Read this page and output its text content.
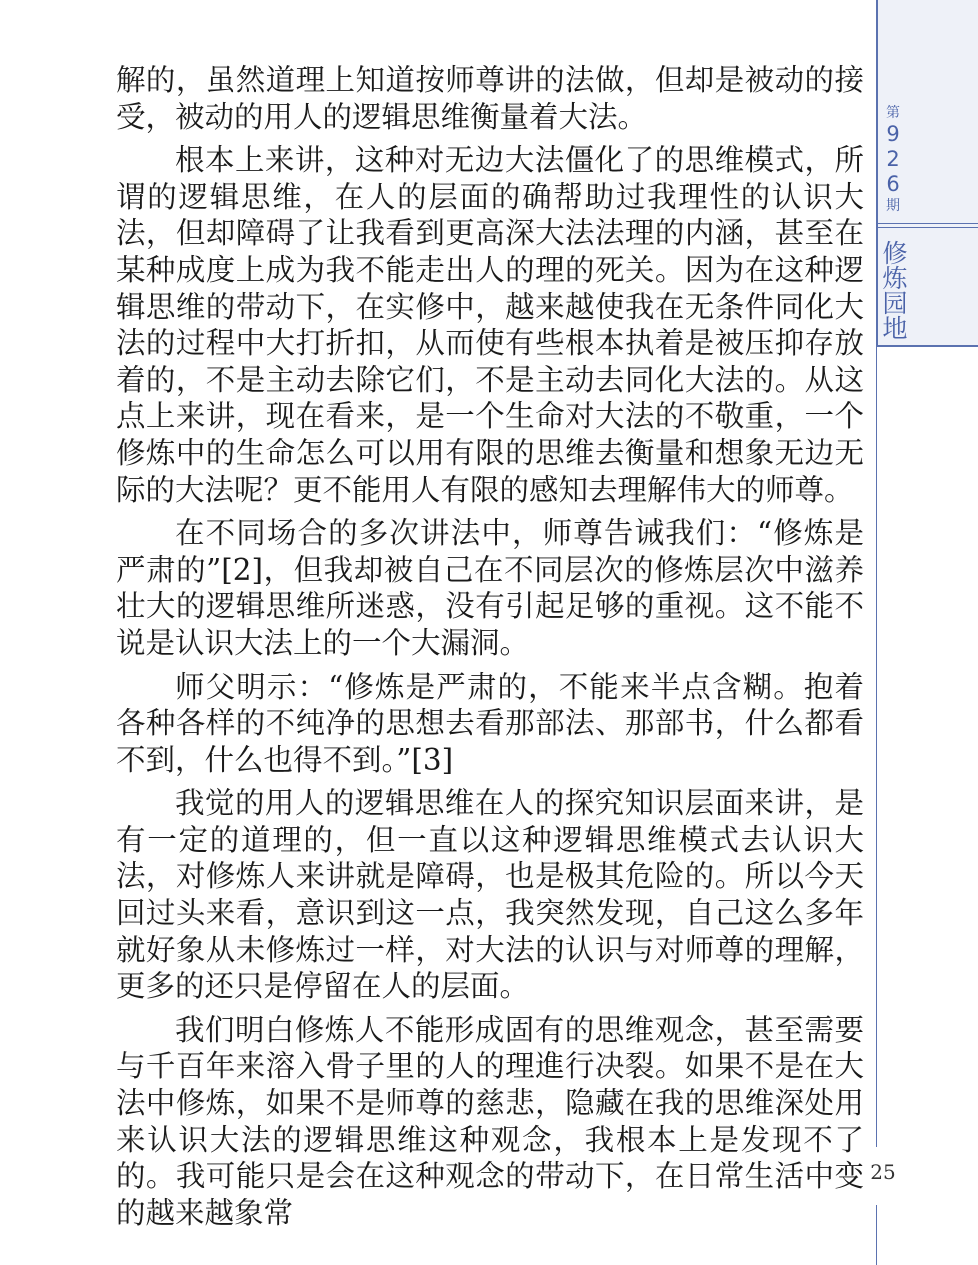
第
9
2
6
期
修炼园地
25

解的，虽然道理上知道按师尊讲的法做，但却是被动的接受，被动的用人的逻辑思维衡量着大法。

根本上来讲，这种对无边大法僵化了的思维模式，所谓的逻辑思维，在人的层面的确帮助过我理性的认识大法，但却障碍了让我看到更高深大法法理的内涵，甚至在某种成度上成为我不能走出人的理的死关。因为在这种逻辑思维的带动下，在实修中，越来越使我在无条件同化大法的过程中大打折扣，从而使有些根本执着是被压抑存放着的，不是主动去除它们，不是主动去同化大法的。从这点上来讲，现在看来，是一个生命对大法的不敬重，一个修炼中的生命怎么可以用有限的思维去衡量和想象无边无际的大法呢？更不能用人有限的感知去理解伟大的师尊。

在不同场合的多次讲法中，师尊告诫我们：“修炼是严肃的”[2]，但我却被自己在不同层次的修炼层次中滋养壮大的逻辑思维所迷惑，没有引起足够的重视。这不能不说是认识大法上的一个大漏洞。

师父明示：“修炼是严肃的，不能来半点含糊。抱着各种各样的不纯净的思想去看那部法、那部书，什么都看不到，什么也得不到。”[3]

我觉的用人的逻辑思维在人的探究知识层面来讲，是有一定的道理的，但一直以这种逻辑思维模式去认识大法，对修炼人来讲就是障碍，也是极其危险的。所以今天回过头来看，意识到这一点，我突然发现，自己这么多年就好象从未修炼过一样，对大法的认识与对师尊的理解，更多的还只是停留在人的层面。

我们明白修炼人不能形成固有的思维观念，甚至需要与千百年来溶入骨子里的人的理進行决裂。如果不是在大法中修炼，如果不是师尊的慈悲，隐藏在我的思维深处用来认识大法的逻辑思维这种观念，我根本上是发现不了的。我可能只是会在这种观念的带动下，在日常生活中变的越来越象常
